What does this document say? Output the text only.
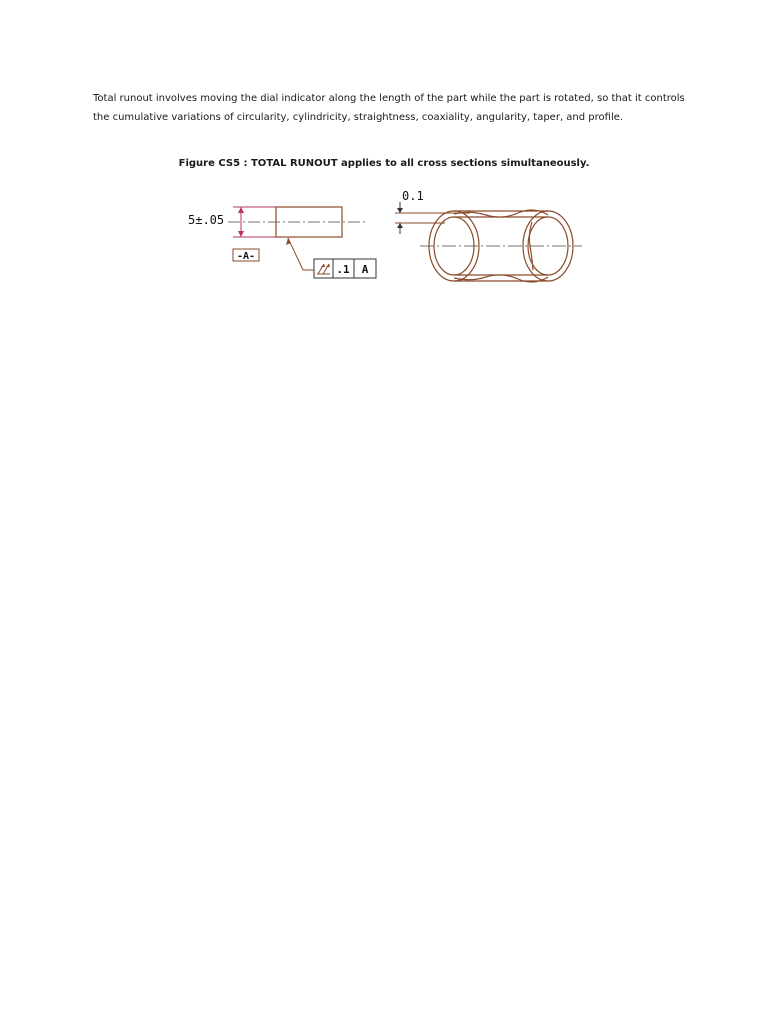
Total runout involves moving the dial indicator along the length of the part while the part is rotated, so that it controls the cumulative variations of circularity, cylindricity, straightness, coaxiality, angularity, taper, and profile.

Figure CS5 : TOTAL RUNOUT applies to all cross sections simultaneously.

5±.05
-A-
.1 A
0.1
